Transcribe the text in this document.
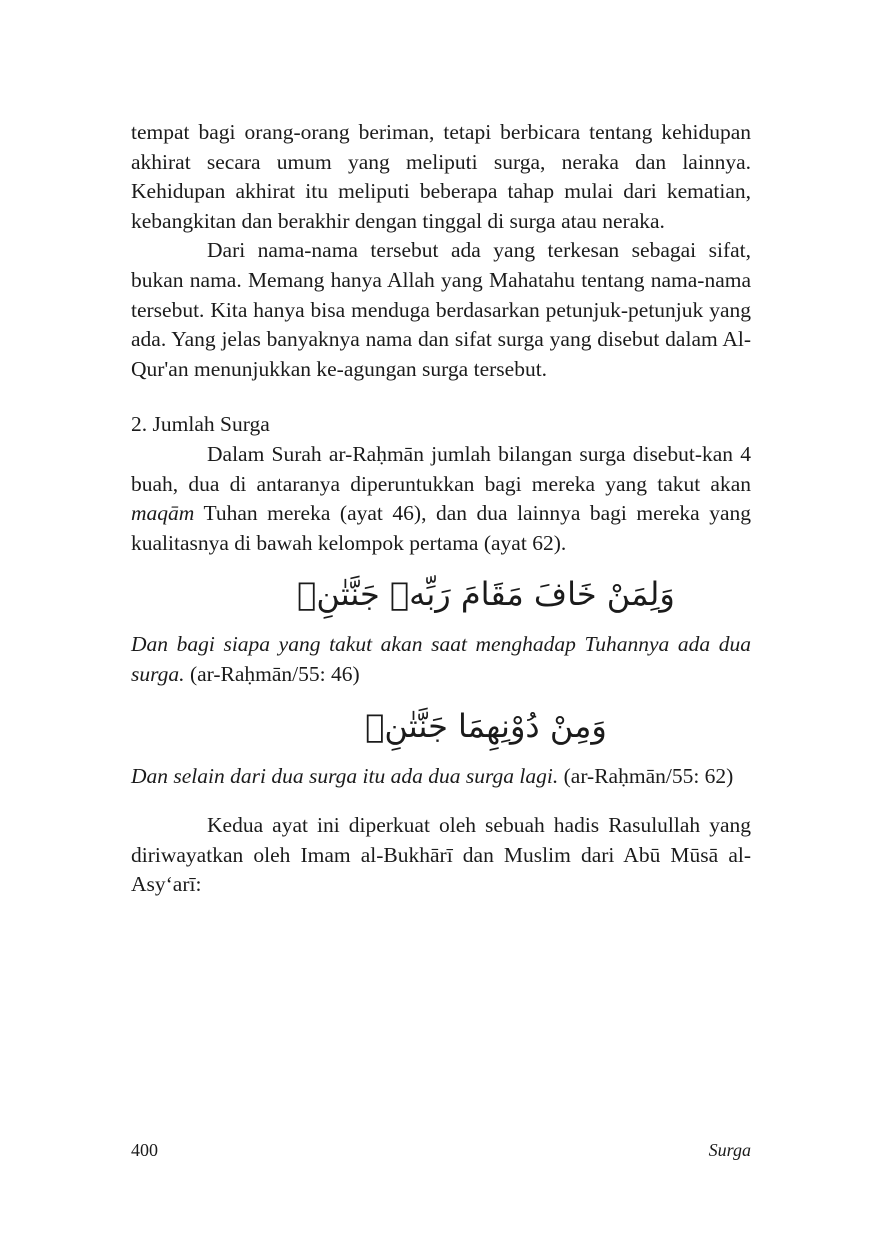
tempat bagi orang-orang beriman, tetapi berbicara tentang kehidupan akhirat secara umum yang meliputi surga, neraka dan lainnya. Kehidupan akhirat itu meliputi beberapa tahap mulai dari kematian, kebangkitan dan berakhir dengan tinggal di surga atau neraka.

Dari nama-nama tersebut ada yang terkesan sebagai sifat, bukan nama. Memang hanya Allah yang Mahatahu tentang nama-nama tersebut. Kita hanya bisa menduga berdasarkan petunjuk-petunjuk yang ada. Yang jelas banyaknya nama dan sifat surga yang disebut dalam Al-Qur'an menunjukkan ke-agungan surga tersebut.

2. Jumlah Surga

Dalam Surah ar-Raḥmān jumlah bilangan surga disebut-kan 4 buah, dua di antaranya diperuntukkan bagi mereka yang takut akan maqām Tuhan mereka (ayat 46), dan dua lainnya bagi mereka yang kualitasnya di bawah kelompok pertama (ayat 62).

وَلِمَنْ خَافَ مَقَامَ رَبِّهٖ جَنَّتٰنِۚ

Dan bagi siapa yang takut akan saat menghadap Tuhannya ada dua surga. (ar-Raḥmān/55: 46)

وَمِنْ دُوْنِهِمَا جَنَّتٰنِۚ

Dan selain dari dua surga itu ada dua surga lagi. (ar-Raḥmān/55: 62)

Kedua ayat ini diperkuat oleh sebuah hadis Rasulullah yang diriwayatkan oleh Imam al-Bukhārī dan Muslim dari Abū Mūsā al-Asy‘arī:

400	Surga
